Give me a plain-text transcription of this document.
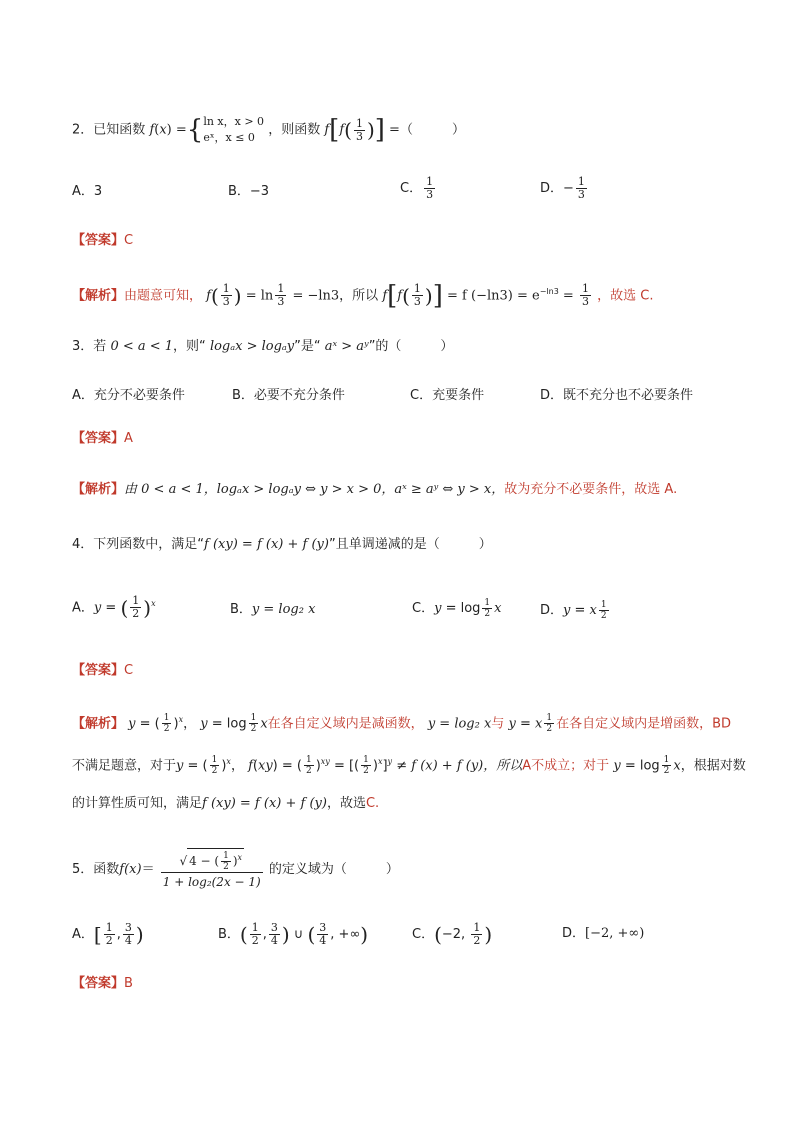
2．已知函数 f(x) ={ ln x，x > 0
eˣ，x ≤ 0	，则函数 $f[f( \frac{1}{3}$ )] =（　　　）
A．3	B．−3	C． $\frac{1}{3}$	D．− $\frac{1}{3}$
【答案】C
【解析】由题意可知， $f( \frac{1}{3}$ ) = $\ln \frac{1}{3} = -\ln 3$，所以 $f[f( \frac{1}{3}$ )] = f $(-\ln 3) = e^{-ln3} = \frac{1}{3}$ ，故选 C.
3．若 0 < a < 1，则“ logₐx > logₐy”是“ aˣ > aʸ”的（　　　）
A．充分不必要条件	B．必要不充分条件	C．充要条件	D．既不充分也不必要条件
【答案】A
【解析】由 0 < a < 1，logₐx > logₐy ⇔ y > x > 0，aˣ ≥ aʸ ⇔ y > x，故为充分不必要条件，故选 A.
4．下列函数中，满足“f (xy) = f (x) + f (y)”且单调递减的是（　　　）
A．y = ( $\frac{1}{2} )^x$	B．y = log₂ x	C．$y = \log \frac{1}{2}$ x	D．y = x $\frac{1}{2}$
【答案】C
【解析】 y = ( $\frac{1}{2} )^x$， $y = \log \frac{1}{2}$ x在各自定义域内是减函数， y = log₂ x与 y = x $\frac{1}{2}$ 在各自定义域内是增函数，BD
不满足题意，对于y = ( $\frac{1}{2} )^x$， f(xy) = ( $\frac{1}{2} )^{xy}$ = [( $\frac{1}{2} )^x]^y \ne f$ (x) + f (y)，所以A不成立；对于 $y = \log \frac{1}{2}$ x，根据对数
的计算性质可知，满足f (xy) = f (x) + f (y)，故选C.
5．函数$f(x)= \frac{√ 4 - ( \frac{1}{2} )^x}{\text{1 + log₂(2x − 1)}}$ 的定义域为（　　　）
A．[ $\frac{1}{2}$ , $\frac{3}{4}$ )	B．( $\frac{1}{2}$ , $\frac{3}{4}$ ) ∪ ( $\frac{3}{4}$ , +∞)	C．(−2, $\frac{1}{2}$ )	D．[−2, +∞)
【答案】B
